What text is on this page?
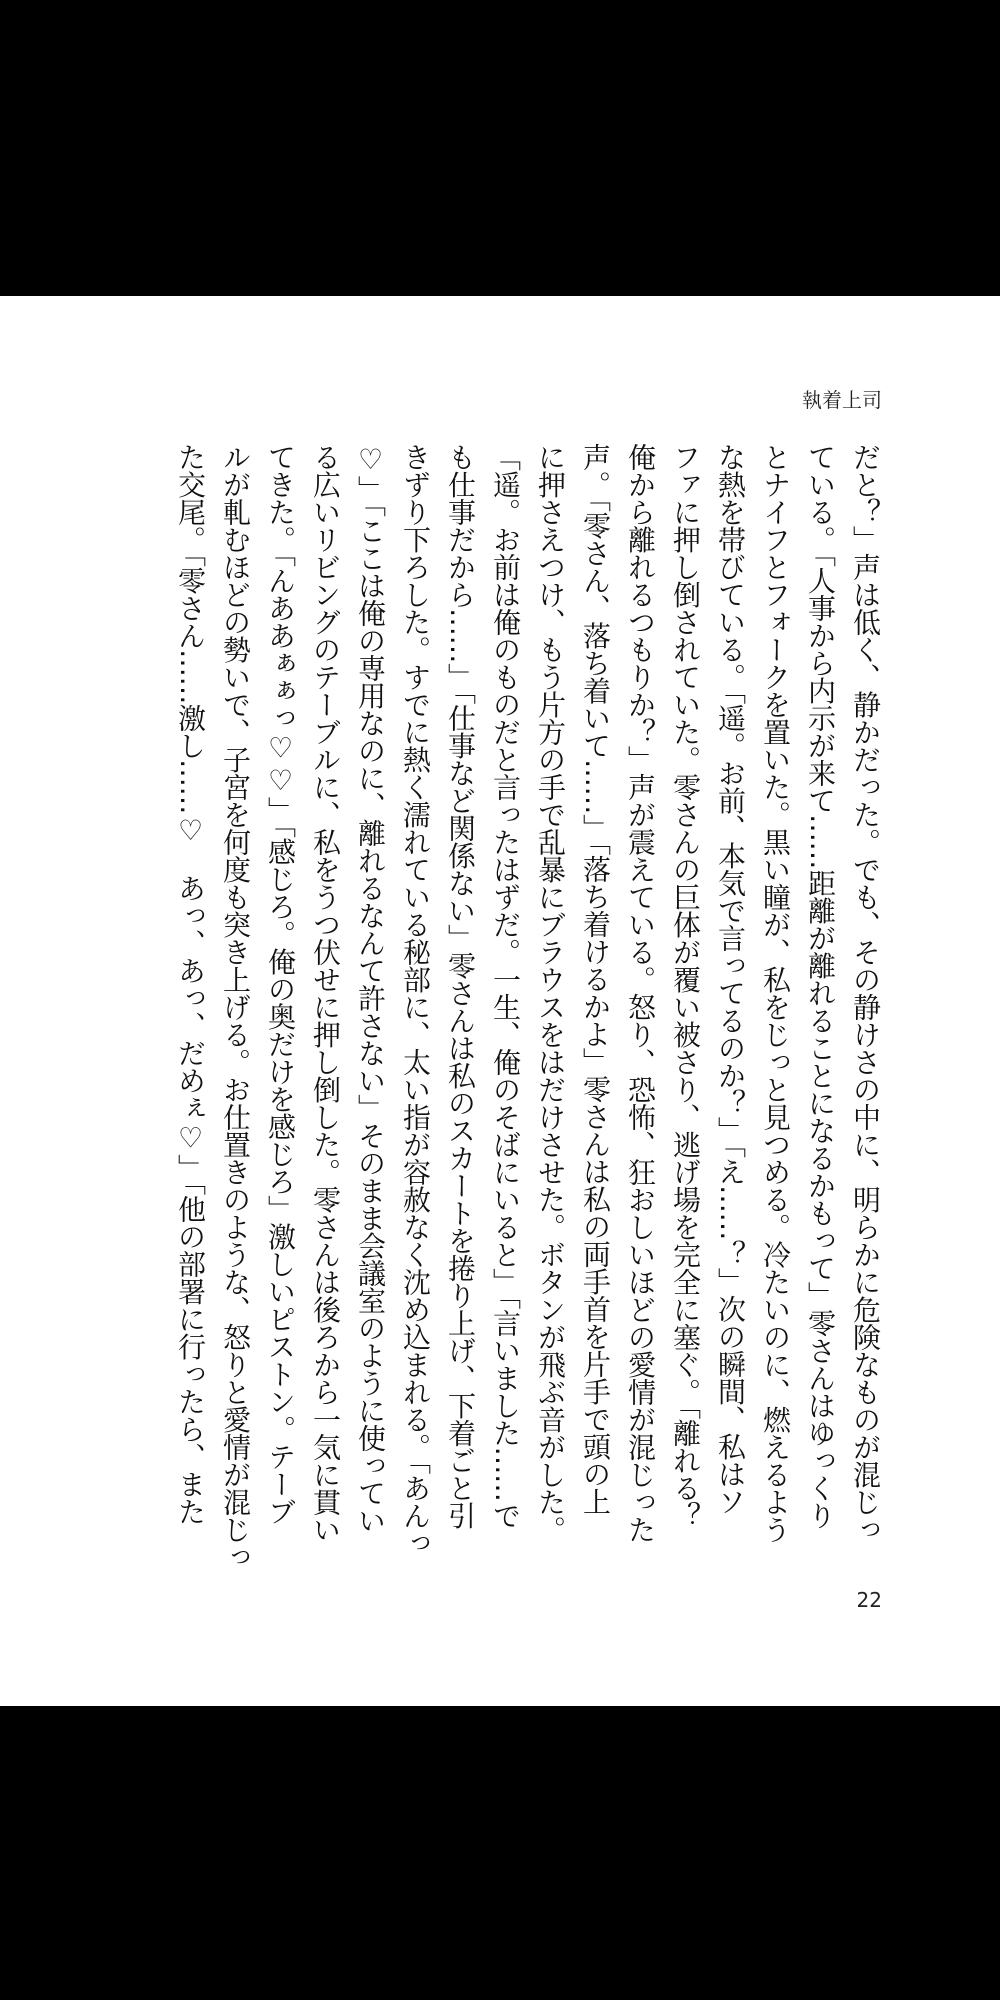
執着上司
だと？」声は低く、静かだった。でも、その静けさの中に、明らかに危険なものが混じっ
ている。「人事から内示が来て……距離が離れることになるかもって」零さんはゆっくり
とナイフとフォークを置いた。黒い瞳が、私をじっと見つめる。冷たいのに、燃えるよう
な熱を帯びている。「遥。お前、本気で言ってるのか？」「え……？」次の瞬間、私はソ
ファに押し倒されていた。零さんの巨体が覆い被さり、逃げ場を完全に塞ぐ。「離れる？
俺から離れるつもりか？」声が震えている。怒り、恐怖、狂おしいほどの愛情が混じった
声。「零さん、落ち着いて……」「落ち着けるかよ」零さんは私の両手首を片手で頭の上
に押さえつけ、もう片方の手で乱暴にブラウスをはだけさせた。ボタンが飛ぶ音がした。
「遥。お前は俺のものだと言ったはずだ。一生、俺のそばにいると」「言いました……で
も仕事だから……」「仕事など関係ない」零さんは私のスカートを捲り上げ、下着ごと引
きずり下ろした。すでに熱く濡れている秘部に、太い指が容赦なく沈め込まれる。「あんっ
♡」「ここは俺の専用なのに、離れるなんて許さない」そのまま会議室のように使ってい
る広いリビングのテーブルに、私をうつ伏せに押し倒した。零さんは後ろから一気に貫い
てきた。「んああぁぁっ♡♡」「感じろ。俺の奥だけを感じろ」激しいピストン。テーブ
ルが軋むほどの勢いで、子宮を何度も突き上げる。お仕置きのような、怒りと愛情が混じっ
た交尾。「零さん……激し……♡　あっ、あっ、だめぇ♡」「他の部署に行ったら、また
22
